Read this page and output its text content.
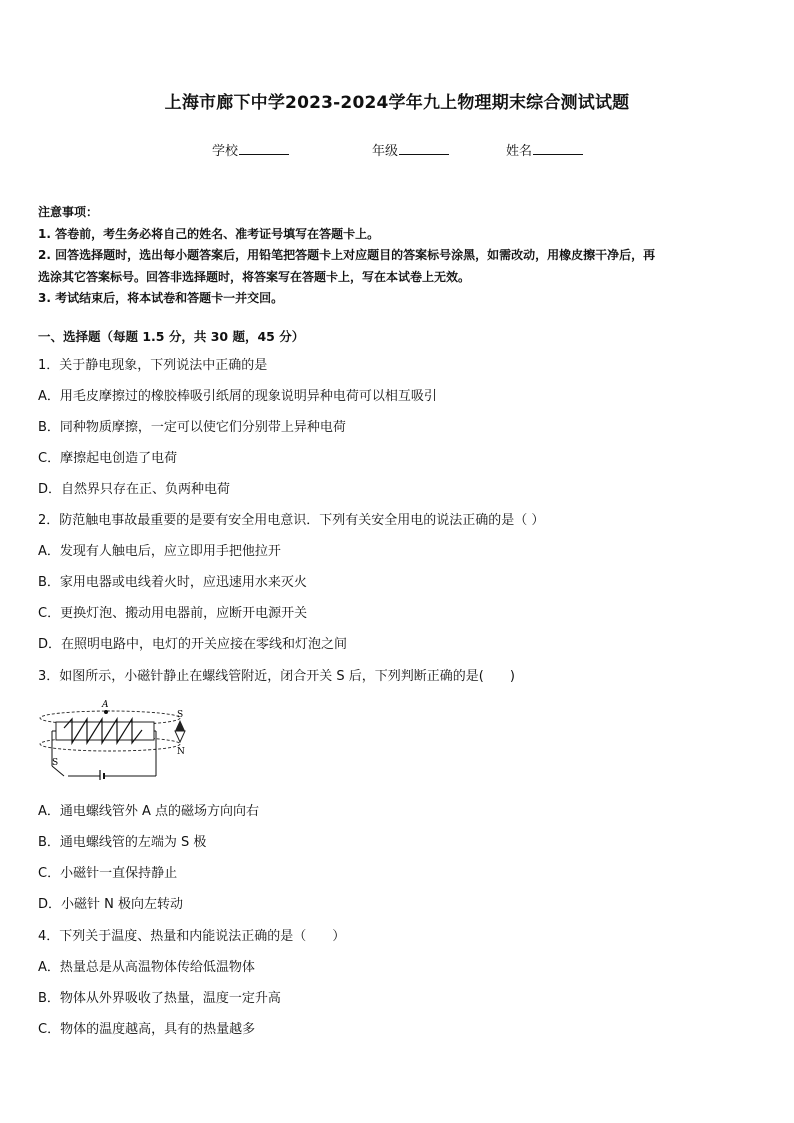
上海市廊下中学2023-2024学年九上物理期末综合测试试题
学校	年级	姓名
注意事项：
1. 答卷前，考生务必将自己的姓名、准考证号填写在答题卡上。
2. 回答选择题时，选出每小题答案后，用铅笔把答题卡上对应题目的答案标号涂黑，如需改动，用橡皮擦干净后，再
选涂其它答案标号。回答非选择题时，将答案写在答题卡上，写在本试卷上无效。
3. 考试结束后，将本试卷和答题卡一并交回。
一、选择题（每题 1.5 分，共 30 题，45 分）
1．关于静电现象，下列说法中正确的是
A．用毛皮摩擦过的橡胶棒吸引纸屑的现象说明异种电荷可以相互吸引
B．同种物质摩擦，一定可以使它们分别带上异种电荷
C．摩擦起电创造了电荷
D．自然界只存在正、负两种电荷
2．防范触电事故最重要的是要有安全用电意识．下列有关安全用电的说法正确的是（ ）
A．发现有人触电后，应立即用手把他拉开
B．家用电器或电线着火时，应迅速用水来灭火
C．更换灯泡、搬动用电器前，应断开电源开关
D．在照明电路中，电灯的开关应接在零线和灯泡之间
3．如图所示，小磁针静止在螺线管附近，闭合开关 S 后，下列判断正确的是(　　)
A
S
S
N
A．通电螺线管外 A 点的磁场方向向右
B．通电螺线管的左端为 S 极
C．小磁针一直保持静止
D．小磁针 N 极向左转动
4．下列关于温度、热量和内能说法正确的是（　　）
A．热量总是从高温物体传给低温物体
B．物体从外界吸收了热量，温度一定升高
C．物体的温度越高，具有的热量越多
